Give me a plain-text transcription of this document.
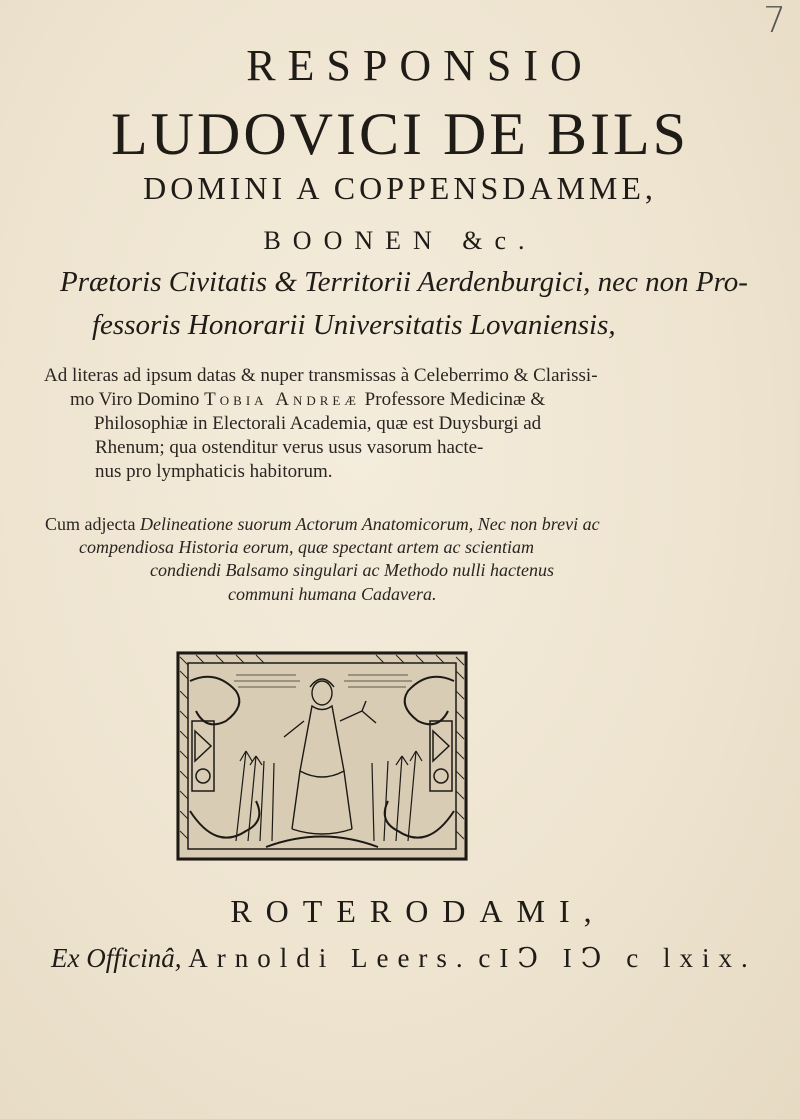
7
RESPONSIO
LUDOVICI DE BILS
DOMINI A COPPENSDAMME,
BOONEN &c.
Prætoris Civitatis & Territorii Aerdenburgici, nec non Pro-
fessoris Honorarii Universitatis Lovaniensis,
Ad literas ad ipsum datas & nuper transmissas à Celeberrimo & Clarissi-
mo Viro Domino Tobia Andreæ Professore Medicinæ &
Philosophiæ in Electorali Academia, quæ est Duysburgi ad
Rhenum; qua ostenditur verus usus vasorum hacte-
nus pro lymphaticis habitorum.
Cum adjecta Delineatione suorum Actorum Anatomicorum, Nec non brevi ac
compendiosa Historia eorum, quæ spectant artem ac scientiam
condiendi Balsamo singulari ac Methodo nulli hactenus
communi humana Cadavera.
ROTERODAMI,
Ex Officinâ, Arnoldi Leers. cIↃ IↃ c lxix.
